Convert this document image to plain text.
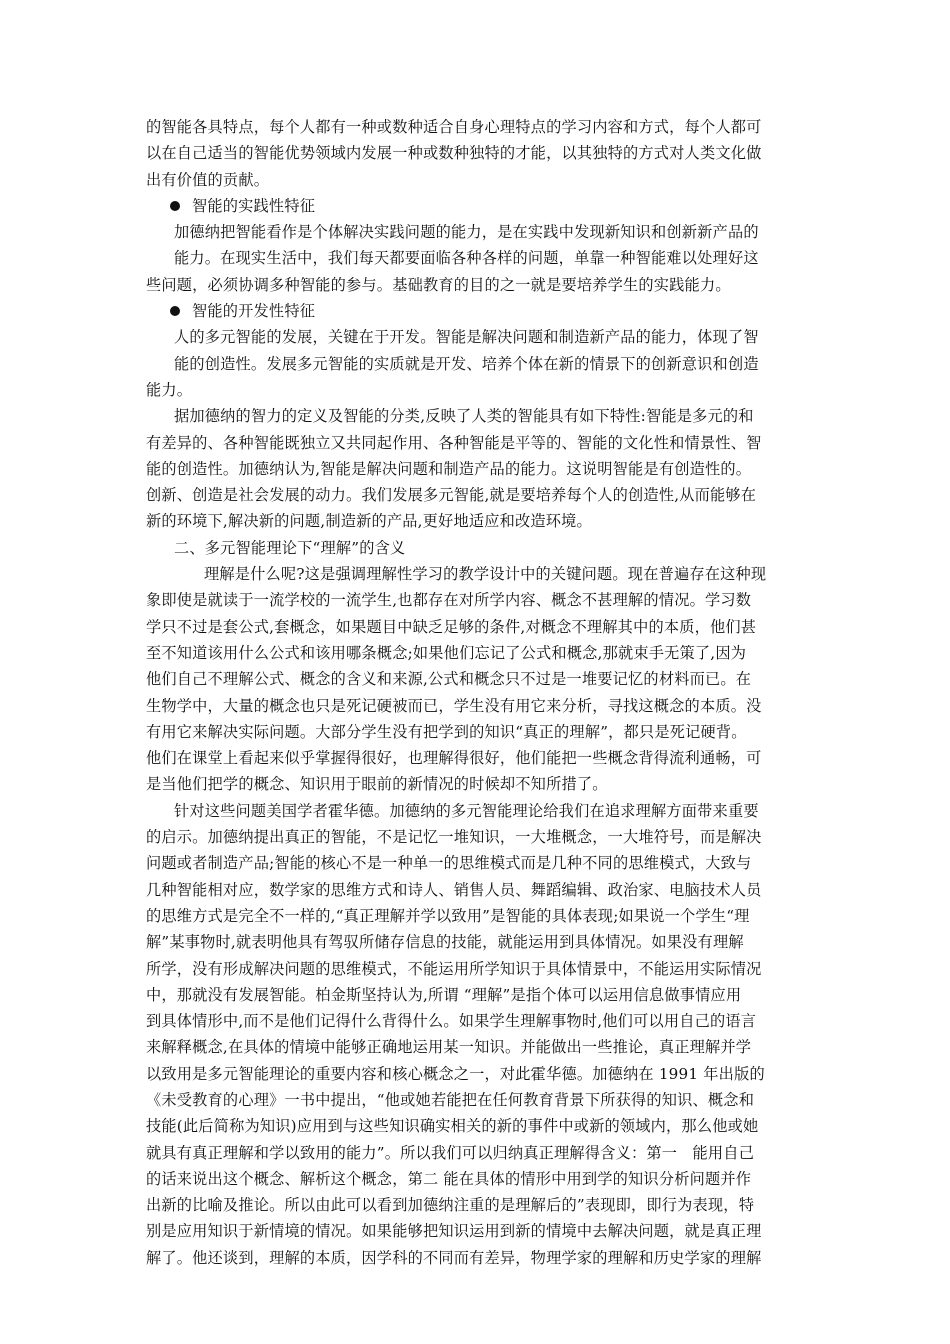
的智能各具特点，每个人都有一种或数种适合自身心理特点的学习内容和方式，每个人都可
以在自己适当的智能优势领域内发展一种或数种独特的才能，以其独特的方式对人类文化做
出有价值的贡献。
智能的实践性特征
加德纳把智能看作是个体解决实践问题的能力，是在实践中发现新知识和创新新产品的
能力。在现实生活中，我们每天都要面临各种各样的问题，单靠一种智能难以处理好这
些问题，必须协调多种智能的参与。基础教育的目的之一就是要培养学生的实践能力。
智能的开发性特征
人的多元智能的发展，关键在于开发。智能是解决问题和制造新产品的能力，体现了智
能的创造性。发展多元智能的实质就是开发、培养个体在新的情景下的创新意识和创造
能力。
据加德纳的智力的定义及智能的分类,反映了人类的智能具有如下特性:智能是多元的和
有差异的、各种智能既独立又共同起作用、各种智能是平等的、智能的文化性和情景性、智
能的创造性。加德纳认为,智能是解决问题和制造产品的能力。这说明智能是有创造性的。
创新、创造是社会发展的动力。我们发展多元智能,就是要培养每个人的创造性,从而能够在
新的环境下,解决新的问题,制造新的产品,更好地适应和改造环境。
二、多元智能理论下“理解”的含义
理解是什么呢?这是强调理解性学习的教学设计中的关键问题。现在普遍存在这种现
象即使是就读于一流学校的一流学生,也都存在对所学内容、概念不甚理解的情况。学习数
学只不过是套公式,套概念，如果题目中缺乏足够的条件,对概念不理解其中的本质，他们甚
至不知道该用什么公式和该用哪条概念;如果他们忘记了公式和概念,那就束手无策了,因为
他们自己不理解公式、概念的含义和来源,公式和概念只不过是一堆要记忆的材料而已。在
生物学中，大量的概念也只是死记硬被而已，学生没有用它来分析，寻找这概念的本质。没
有用它来解决实际问题。大部分学生没有把学到的知识“真正的理解”，都只是死记硬背。
他们在课堂上看起来似乎掌握得很好，也理解得很好，他们能把一些概念背得流利通畅，可
是当他们把学的概念、知识用于眼前的新情况的时候却不知所措了。
针对这些问题美国学者霍华德。加德纳的多元智能理论给我们在追求理解方面带来重要
的启示。加德纳提出真正的智能，不是记忆一堆知识，一大堆概念，一大堆符号，而是解决
问题或者制造产品;智能的核心不是一种单一的思维模式而是几种不同的思维模式，大致与
几种智能相对应，数学家的思维方式和诗人、销售人员、舞蹈编辑、政治家、电脑技术人员
的思维方式是完全不一样的,“真正理解并学以致用”是智能的具体表现;如果说一个学生“理
解”某事物时,就表明他具有驾驭所储存信息的技能，就能运用到具体情况。如果没有理解
所学，没有形成解决问题的思维模式，不能运用所学知识于具体情景中，不能运用实际情况
中，那就没有发展智能。柏金斯坚持认为,所谓 “理解”是指个体可以运用信息做事情应用
到具体情形中,而不是他们记得什么背得什么。如果学生理解事物时,他们可以用自己的语言
来解释概念,在具体的情境中能够正确地运用某一知识。并能做出一些推论，真正理解并学
以致用是多元智能理论的重要内容和核心概念之一，对此霍华德。加德纳在 1991 年出版的
《未受教育的心理》一书中提出，“他或她若能把在任何教育背景下所获得的知识、概念和
技能(此后简称为知识)应用到与这些知识确实相关的新的事件中或新的领域内，那么他或她
就具有真正理解和学以致用的能力”。所以我们可以归纳真正理解得含义：第一　能用自己
的话来说出这个概念、解析这个概念，第二 能在具体的情形中用到学的知识分析问题并作
出新的比喻及推论。所以由此可以看到加德纳注重的是理解后的”表现即，即行为表现，特
别是应用知识于新情境的情况。如果能够把知识运用到新的情境中去解决问题，就是真正理
解了。他还谈到，理解的本质，因学科的不同而有差异，物理学家的理解和历史学家的理解
